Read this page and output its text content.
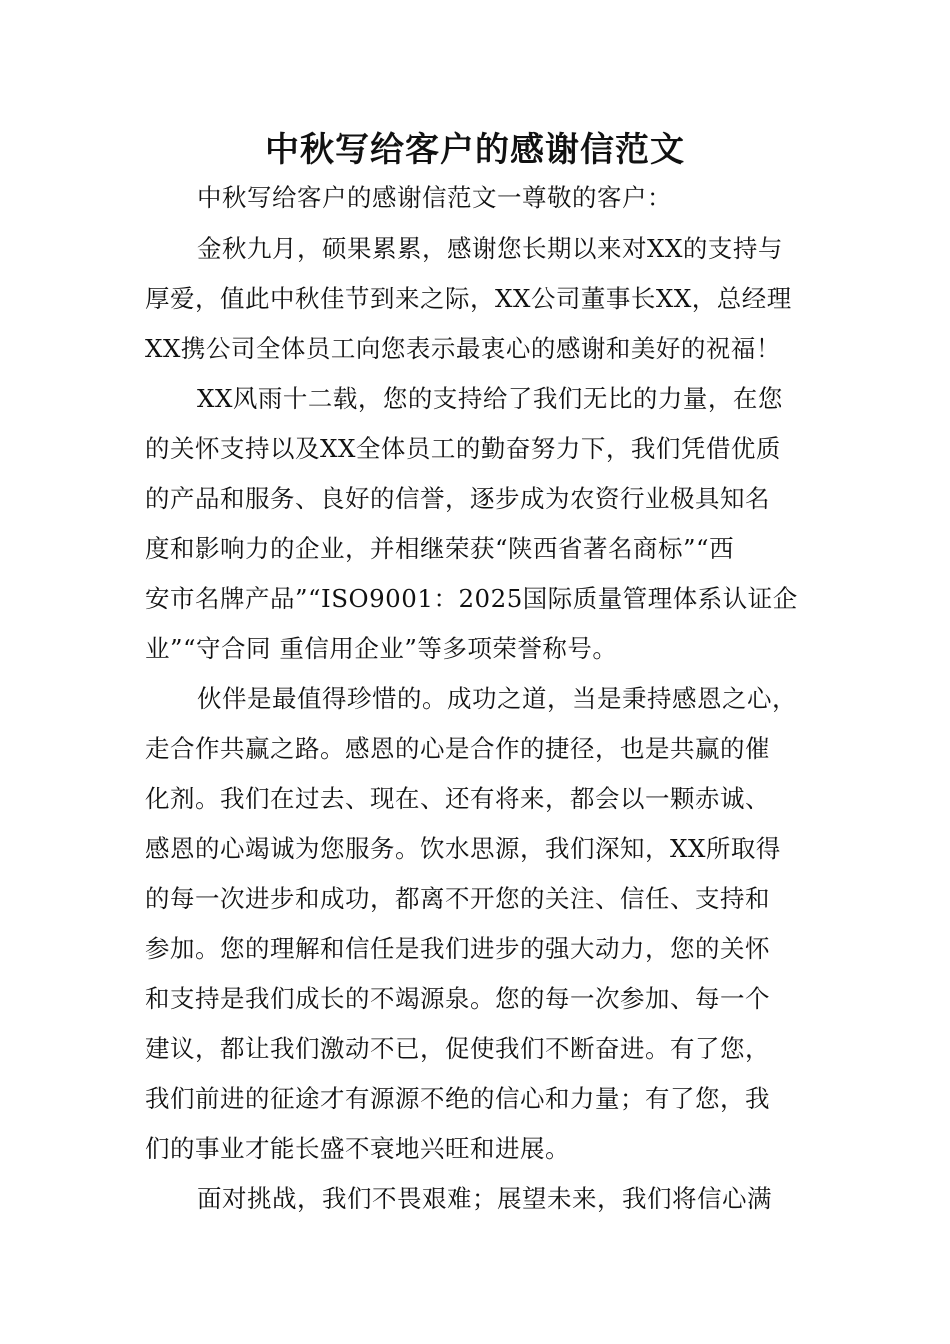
中秋写给客户的感谢信范文
中秋写给客户的感谢信范文一尊敬的客户：
金秋九月，硕果累累，感谢您长期以来对XX的支持与
厚爱，值此中秋佳节到来之际，XX公司董事长XX，总经理
XX携公司全体员工向您表示最衷心的感谢和美好的祝福！
XX风雨十二载，您的支持给了我们无比的力量，在您
的关怀支持以及XX全体员工的勤奋努力下，我们凭借优质
的产品和服务、良好的信誉，逐步成为农资行业极具知名
度和影响力的企业，并相继荣获“陕西省著名商标”“西
安市名牌产品”“ISO9001：2025国际质量管理体系认证企
业”“守合同 重信用企业”等多项荣誉称号。
伙伴是最值得珍惜的。成功之道，当是秉持感恩之心，
走合作共赢之路。感恩的心是合作的捷径，也是共赢的催
化剂。我们在过去、现在、还有将来，都会以一颗赤诚、
感恩的心竭诚为您服务。饮水思源，我们深知，XX所取得
的每一次进步和成功，都离不开您的关注、信任、支持和
参加。您的理解和信任是我们进步的强大动力，您的关怀
和支持是我们成长的不竭源泉。您的每一次参加、每一个
建议，都让我们激动不已，促使我们不断奋进。有了您，
我们前进的征途才有源源不绝的信心和力量；有了您，我
们的事业才能长盛不衰地兴旺和进展。
面对挑战，我们不畏艰难；展望未来，我们将信心满
